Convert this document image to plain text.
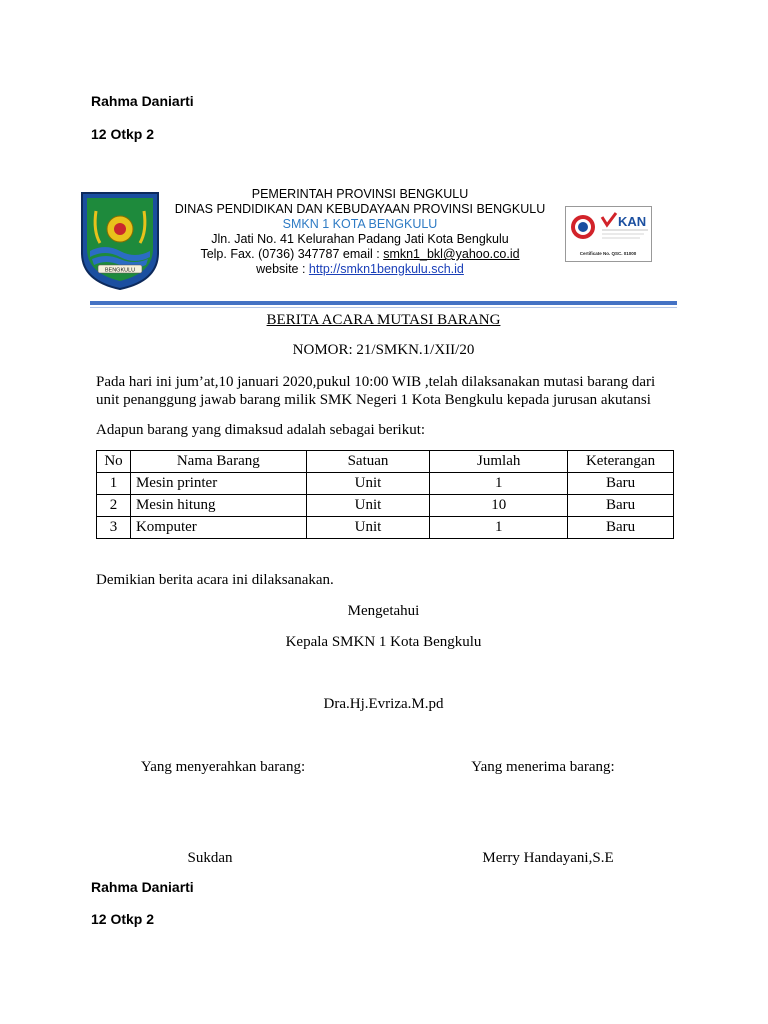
Rahma Daniarti
12 Otkp 2
BENGKULU
PEMERINTAH PROVINSI BENGKULU
DINAS PENDIDIKAN DAN KEBUDAYAAN PROVINSI BENGKULU
SMKN 1 KOTA BENGKULU
Jln. Jati No. 41 Kelurahan Padang Jati Kota Bengkulu
Telp. Fax. (0736) 347787 email : smkn1_bkl@yahoo.co.id
website : http://smkn1bengkulu.sch.id
KAN
Certificate No. QSC. 01000
BERITA ACARA MUTASI BARANG
NOMOR: 21/SMKN.1/XII/20
Pada hari ini jum’at,10 januari 2020,pukul 10:00 WIB ,telah dilaksanakan mutasi barang dari
unit penanggung jawab barang milik SMK Negeri 1 Kota Bengkulu kepada jurusan akutansi
Adapun barang yang dimaksud adalah sebagai berikut:
No	Nama Barang	Satuan	Jumlah	Keterangan
1	Mesin printer	Unit	1	Baru
2	Mesin hitung	Unit	10	Baru
3	Komputer	Unit	1	Baru
Demikian berita acara ini dilaksanakan.
Mengetahui
Kepala SMKN 1 Kota Bengkulu
Dra.Hj.Evriza.M.pd
Yang menyerahkan barang:	Yang menerima barang:
Sukdan	Merry Handayani,S.E
Rahma Daniarti
12 Otkp 2
